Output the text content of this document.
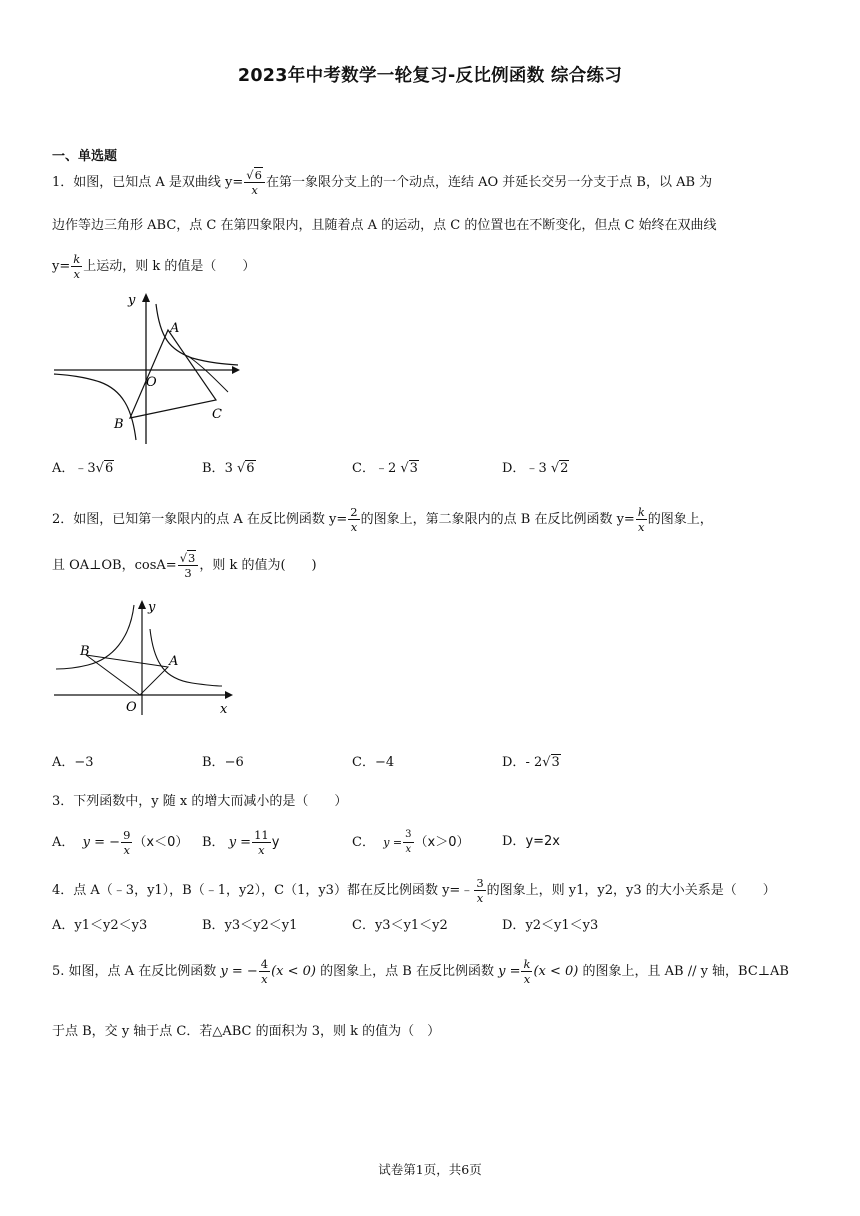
2023年中考数学一轮复习-反比例函数 综合练习
一、单选题
1．如图，已知点 A 是双曲线 $y= \frac{√6}{x}$ 在第一象限分支上的一个动点，连结 AO 并延长交另一分支于点 B，以 AB 为
边作等边三角形 ABC，点 C 在第四象限内，且随着点 A 的运动，点 C 的位置也在不断变化，但点 C 始终在双曲线
$y= \frac{k}{x}$ 上运动，则 k 的值是（　　）
y
A
O
B
C
A．﹣3√6	B．3 √6	C．﹣2 √3	D．﹣3 √2
2．如图，已知第一象限内的点 A 在反比例函数 $y= \frac{2}{x}$ 的图象上，第二象限内的点 B 在反比例函数 $y= \frac{k}{x}$ 的图象上，
且 OA⊥OB，$\cos A= \frac{√3}{3}$ ，则 k 的值为(　　)
y
B
A
O	x
A．−3	B．−6	C．−4	D．- 2√3
3．下列函数中，y 随 x 的增大而减小的是（　　）
A． y = − $\frac{9}{x} (x<0)$ B． $y = \frac{11}{x}$ y	C． $y = \frac{3}{x} (x>0)$	D．y=2x
4．点 A（﹣3，y1），B（﹣1，y2），C（1，y3）都在反比例函数 y=﹣ $\frac{3}{x}$ 的图象上，则 y1，y2，y3 的大小关系是（　　）
A．y1＜y2＜y3	B．y3＜y2＜y1	C．y3＜y1＜y2	D．y2＜y1＜y3
5. 如图，点 A 在反比例函数 y = − $\frac{4}{x} (x < 0)$ 的图象上，点 B 在反比例函数 $y = \frac{k}{x} (x < 0)$ 的图象上，且 AB // y 轴，BC⊥AB
于点 B，交 y 轴于点 C．若△ABC 的面积为 3，则 k 的值为（　）
试卷第1页，共6页
